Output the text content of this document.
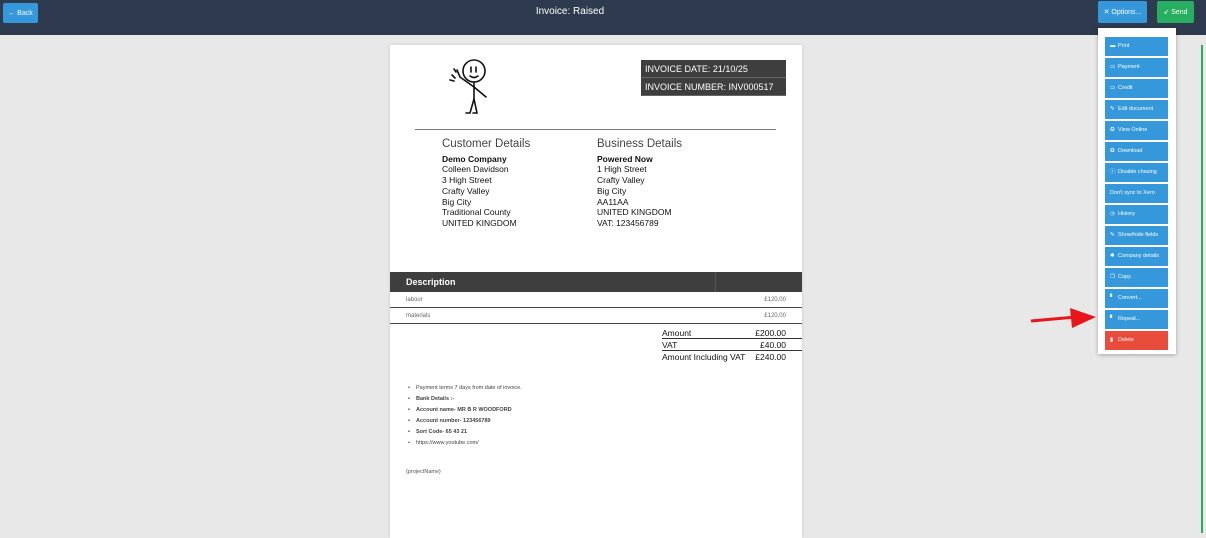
← Back	Invoice: Raised	✕ Options...	➶ Send
INVOICE DATE: 21/10/25
INVOICE NUMBER: INV000517
Customer Details
Demo Company
Colleen Davidson
3 High Street
Crafty Valley
Big City
Traditional County
UNITED KINGDOM
Business Details
Powered Now
1 High Street
Crafty Valley
Big City
AA11AA
UNITED KINGDOM
VAT: 123456789
Description
labour	£120.00
materials	£120.00
Amount	£200.00
VAT	£40.00
Amount Including VAT £240.00
• Payment terms 7 days from date of invoice.
• Bank Details :-
• Account name- MR B R WOODFORD
• Account number- 123456789
• Sort Code- 65 43 21
• https://www.youtube.com/
{projectName}
▬ Print
▭ Payment
▭ Credit
✎ Edit document
✪ View Online
✪ Download
ⓘ Disable chasing
Don't sync to Xero
◷ History
✎ Show/hide fields
✱ Company details
❐ Copy
▘ Convert...
▘ Repeat...
▮ Delete
